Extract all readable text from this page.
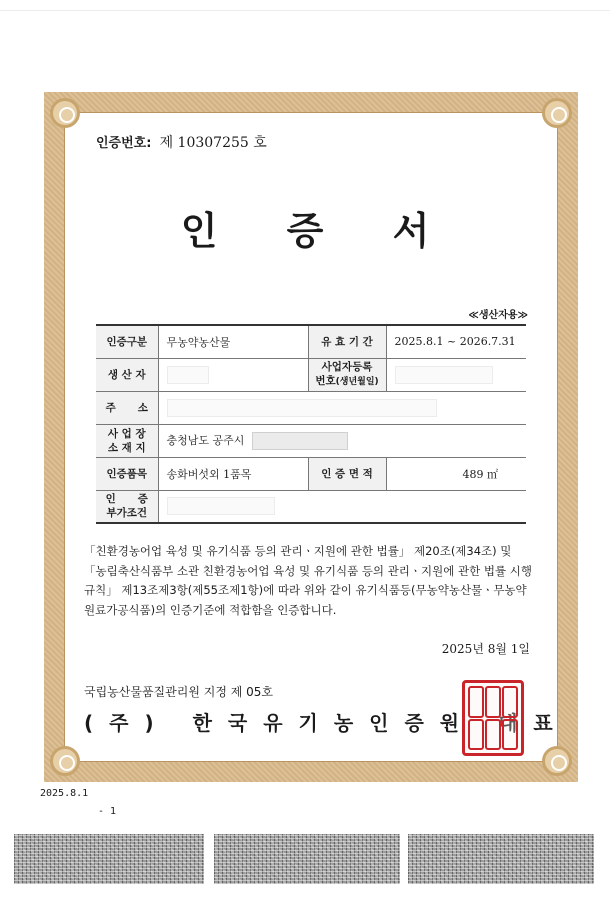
인증번호: 제 10307255 호
인 증 서
≪생산자용≫
인증구분	무농약농산물	유 효 기 간	2025.8.1 ~ 2026.7.31
생 산 자		사업자등록
번호(생년월일)	

주      소			

사 업 장
소 재 지	충청남도 공주시		
인증품목	송화버섯외 1품목	인 증 면 적	489 ㎡

인      증
부가조건			

「친환경농어업 육성 및 유기식품 등의 관리ㆍ지원에 관한 법률」 제20조(제34조) 및 「농림축산식품부 소관 친환경농어업 육성 및 유기식품 등의 관리ㆍ지원에 관한 법률 시행규칙」 제13조제3항(제55조제1항)에 따라 위와 같이 유기식품등(무농약농산물ㆍ무농약원료가공식품)의 인증기준에 적합함을 인증합니다.
2025년 8월 1일
국립농산물품질관리원 지정 제 05호
(주) 한국유기농인증원 대표
2025.8.1
- 1
